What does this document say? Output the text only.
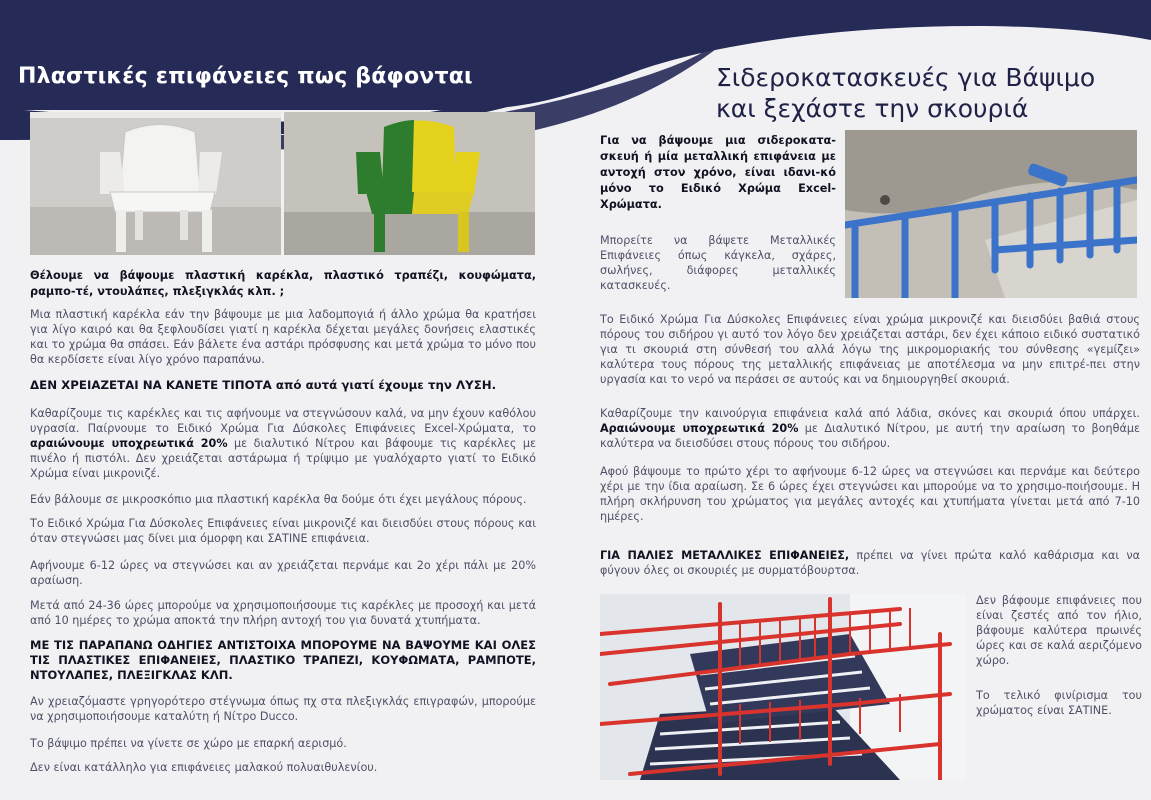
Πλαστικές επιφάνειες πως βάφονται	Σιδεροκατασκευές για Βάψιμο
και ξεχάστε την σκουριά

Θέλουμε να βάψουμε πλαστική καρέκλα, πλαστικό τραπέζι, κουφώματα, ραμπο-τέ, ντουλάπες, πλεξιγκλάς κλπ. ;

Μια πλαστική καρέκλα εάν την βάψουμε με μια λαδομπογιά ή άλλο χρώμα θα κρατήσει για λίγο καιρό και θα ξεφλουδίσει γιατί η καρέκλα δέχεται μεγάλες δονήσεις ελαστικές και το χρώμα θα σπάσει. Εάν βάλετε ένα αστάρι πρόσφυσης και μετά χρώμα το μόνο που θα κερδίσετε είναι λίγο χρόνο παραπάνω.

ΔΕΝ ΧΡΕΙΑΖΕΤΑΙ ΝΑ ΚΑΝΕΤΕ ΤΙΠΟΤΑ από αυτά γιατί έχουμε την ΛΥΣΗ.

Καθαρίζουμε τις καρέκλες και τις αφήνουμε να στεγνώσουν καλά, να μην έχουν καθόλου υγρασία. Παίρνουμε το Ειδικό Χρώμα Για Δύσκολες Επιφάνειες Excel-Χρώματα, το αραιώνουμε υποχρεωτικά 20% με διαλυτικό Νίτρου και βάφουμε τις καρέκλες με πινέλο ή πιστόλι. Δεν χρειάζεται αστάρωμα ή τρίψιμο με γυαλόχαρτο γιατί το Ειδικό Χρώμα είναι μικρονιζέ.

Εάν βάλουμε σε μικροσκόπιο μια πλαστική καρέκλα θα δούμε ότι έχει μεγάλους πόρους.

Το Ειδικό Χρώμα Για Δύσκολες Επιφάνειες είναι μικρονιζέ και διεισδύει στους πόρους και όταν στεγνώσει μας δίνει μια όμορφη και ΣΑΤΙΝΕ επιφάνεια.

Αφήνουμε 6-12 ώρες να στεγνώσει και αν χρειάζεται περνάμε και 2ο χέρι πάλι με 20% αραίωση.

Μετά από 24-36 ώρες μπορούμε να χρησιμοποιήσουμε τις καρέκλες με προσοχή και μετά από 10 ημέρες το χρώμα αποκτά την πλήρη αντοχή του για δυνατά χτυπήματα.

ΜΕ ΤΙΣ ΠΑΡΑΠΑΝΩ ΟΔΗΓΙΕΣ ΑΝΤΙΣΤΟΙΧΑ ΜΠΟΡΟΥΜΕ ΝΑ ΒΑΨΟΥΜΕ ΚΑΙ ΟΛΕΣ ΤΙΣ ΠΛΑΣΤΙΚΕΣ ΕΠΙΦΑΝΕΙΕΣ, ΠΛΑΣΤΙΚΟ ΤΡΑΠΕΖΙ, ΚΟΥΦΩΜΑΤΑ, ΡΑΜΠΟΤΕ, ΝΤΟΥΛΑΠΕΣ, ΠΛΕΞΙΓΚΛΑΣ ΚΛΠ.

Αν χρειαζόμαστε γρηγορότερο στέγνωμα όπως πχ στα πλεξιγκλάς επιγραφών, μπορούμε να χρησιμοποιήσουμε καταλύτη ή Νίτρο Ducco.

Το βάψιμο πρέπει να γίνετε σε χώρο με επαρκή αερισμό.

Δεν είναι κατάλληλο για επιφάνειες μαλακού πολυαιθυλενίου.

Για να βάψουμε μια σιδεροκατα-σκευή ή μία μεταλλική επιφάνεια με αντοχή στον χρόνο, είναι ιδανι-κό μόνο το Ειδικό Χρώμα Excel-Χρώματα.

Μπορείτε να βάψετε Μεταλλικές Επιφάνειες όπως κάγκελα, σχάρες, σωλήνες, διάφορες μεταλλικές κατασκευές.

Το Ειδικό Χρώμα Για Δύσκολες Επιφάνειες είναι χρώμα μικρονιζέ και διεισδύει βαθιά στους πόρους του σιδήρου γι αυτό τον λόγο δεν χρειάζεται αστάρι, δεν έχει κάποιο ειδικό συστατικό για τι σκουριά στη σύνθεσή του αλλά λόγω της μικρομοριακής του σύνθεσης «γεμίζει» καλύτερα τους πόρους της μεταλλικής επιφάνειας με αποτέλεσμα να μην επιτρέ-πει στην υργασία και το νερό να περάσει σε αυτούς και να δημιουργηθεί σκουριά.

Καθαρίζουμε την καινούργια επιφάνεια καλά από λάδια, σκόνες και σκουριά όπου υπάρχει. Αραιώνουμε υποχρεωτικά 20% με Διαλυτικό Νίτρου, με αυτή την αραίωση το βοηθάμε καλύτερα να διεισδύσει στους πόρους του σιδήρου.

Αφού βάψουμε το πρώτο χέρι το αφήνουμε 6-12 ώρες να στεγνώσει και περνάμε και δεύτερο χέρι με την ίδια αραίωση. Σε 6 ώρες έχει στεγνώσει και μπορούμε να το χρησιμο-ποιήσουμε. Η πλήρη σκλήρυνση του χρώματος για μεγάλες αντοχές και χτυπήματα γίνεται μετά από 7-10 ημέρες.

ΓΙΑ ΠΑΛΙΕΣ ΜΕΤΑΛΛΙΚΕΣ ΕΠΙΦΑΝΕΙΕΣ, πρέπει να γίνει πρώτα καλό καθάρισμα και να φύγουν όλες οι σκουριές με συρματόβουρτσα.

Δεν βάφουμε επιφάνειες που είναι ζεστές από τον ήλιο, βάφουμε καλύτερα πρωινές ώρες και σε καλά αεριζόμενο χώρο.

Το τελικό φινίρισμα του χρώματος είναι ΣΑΤΙΝΕ.
